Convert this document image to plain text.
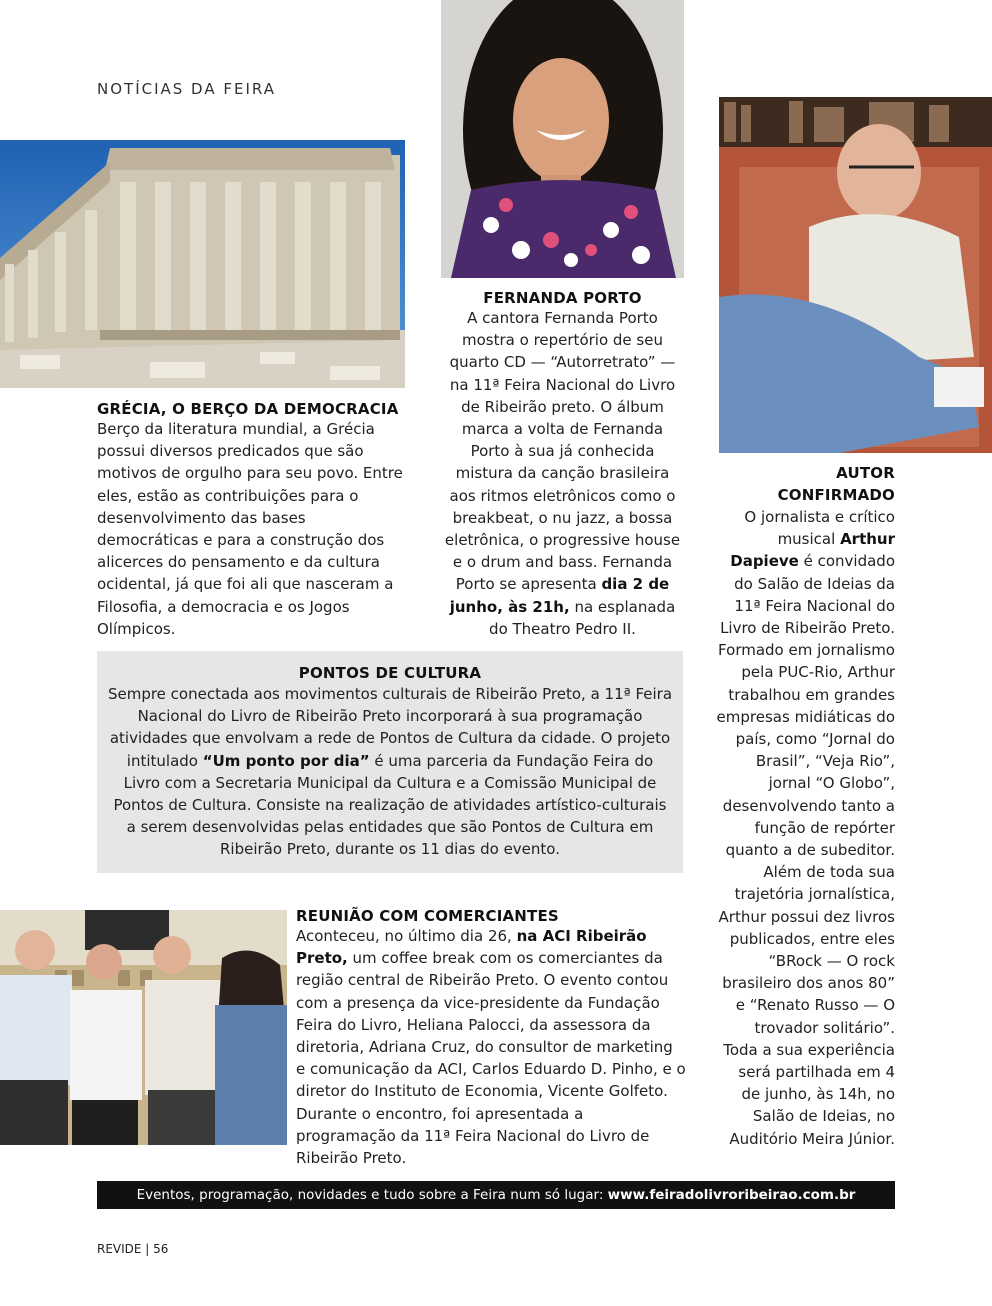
NOTÍCIAS DA FEIRA
GRÉCIA, O BERÇO DA DEMOCRACIA

Berço da literatura mundial, a Grécia possui diversos predicados que são motivos de orgulho para seu povo. Entre eles, estão as contribuições para o desenvolvimento das bases democráticas e para a construção dos alicerces do pensamento e da cultura ocidental, já que foi ali que nasceram a Filosofia, a democracia e os Jogos Olímpicos.

FERNANDA PORTO

A cantora Fernanda Porto mostra o repertório de seu quarto CD — “Autorretrato” — na 11ª Feira Nacional do Livro de Ribeirão preto. O álbum marca a volta de Fernanda Porto à sua já conhecida mistura da canção brasileira aos ritmos eletrônicos como o breakbeat, o nu jazz, a bossa eletrônica, o progressive house e o drum and bass. Fernanda Porto se apresenta dia 2 de junho, às 21h, na esplanada do Theatro Pedro II.

AUTOR CONFIRMADO

O jornalista e crítico musical Arthur Dapieve é convidado do Salão de Ideias da 11ª Feira Nacional do Livro de Ribeirão Preto. Formado em jornalismo pela PUC-Rio, Arthur trabalhou em grandes empresas midiáticas do país, como “Jornal do Brasil”, “Veja Rio”, jornal “O Globo”, desenvolvendo tanto a função de repórter quanto a de subeditor. Além de toda sua trajetória jornalística, Arthur possui dez livros publicados, entre eles “BRock — O rock brasileiro dos anos 80” e “Renato Russo — O trovador solitário”. Toda a sua experiência será partilhada em 4 de junho, às 14h, no Salão de Ideias, no Auditório Meira Júnior.

PONTOS DE CULTURA

Sempre conectada aos movimentos culturais de Ribeirão Preto, a 11ª Feira Nacional do Livro de Ribeirão Preto incorporará à sua programação atividades que envolvam a rede de Pontos de Cultura da cidade. O projeto intitulado “Um ponto por dia” é uma parceria da Fundação Feira do Livro com a Secretaria Municipal da Cultura e a Comissão Municipal de Pontos de Cultura. Consiste na realização de atividades artístico-culturais a serem desenvolvidas pelas entidades que são Pontos de Cultura em Ribeirão Preto, durante os 11 dias do evento.

REUNIÃO COM COMERCIANTES

Aconteceu, no último dia 26, na ACI Ribeirão Preto, um coffee break com os comerciantes da região central de Ribeirão Preto. O evento contou com a presença da vice-presidente da Fundação Feira do Livro, Heliana Palocci, da assessora da diretoria, Adriana Cruz, do consultor de marketing e comunicação da ACI, Carlos Eduardo D. Pinho, e o diretor do Instituto de Economia, Vicente Golfeto. Durante o encontro, foi apresentada a programação da 11ª Feira Nacional do Livro de Ribeirão Preto.

Eventos, programação, novidades e tudo sobre a Feira num só lugar: www.feiradolivroribeirao.com.br
REVIDE | 56
